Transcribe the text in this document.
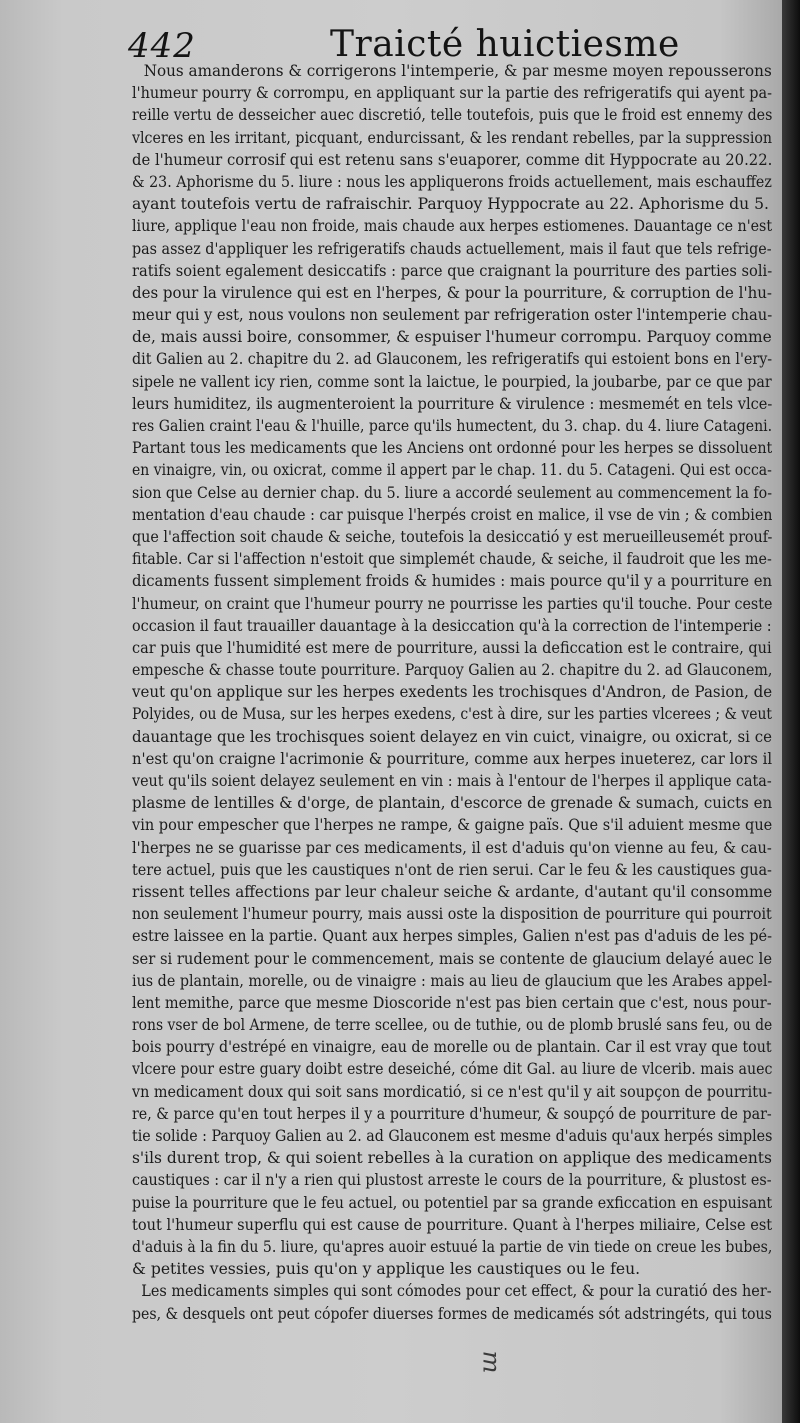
442	Traicté huictiesme
Nous amanderons & corrigerons l'intemperie, & par mesme moyen repousserons
l'humeur pourry & corrompu, en appliquant sur la partie des refrigeratifs qui ayent pa-
reille vertu de desseicher auec discretió, telle toutefois, puis que le froid est ennemy des
vlceres en les irritant, picquant, endurcissant, & les rendant rebelles, par la suppression
de l'humeur corrosif qui est retenu sans s'euaporer, comme dit Hyppocrate au 20.22.
& 23. Aphorisme du 5. liure : nous les appliquerons froids actuellement, mais eschauffez
ayant toutefois vertu de rafraischir. Parquoy Hyppocrate au 22. Aphorisme du 5.
liure, applique l'eau non froide, mais chaude aux herpes estiomenes. Dauantage ce n'est
pas assez d'appliquer les refrigeratifs chauds actuellement, mais il faut que tels refrige-
ratifs soient egalement desiccatifs : parce que craignant la pourriture des parties soli-
des pour la virulence qui est en l'herpes, & pour la pourriture, & corruption de l'hu-
meur qui y est, nous voulons non seulement par refrigeration oster l'intemperie chau-
de, mais aussi boire, consommer, & espuiser l'humeur corrompu. Parquoy comme
dit Galien au 2. chapitre du 2. ad Glauconem, les refrigeratifs qui estoient bons en l'ery-
sipele ne vallent icy rien, comme sont la laictue, le pourpied, la joubarbe, par ce que par
leurs humiditez, ils augmenteroient la pourriture & virulence : mesmemét en tels vlce-
res Galien craint l'eau & l'huille, parce qu'ils humectent, du 3. chap. du 4. liure Catageni.
Partant tous les medicaments que les Anciens ont ordonné pour les herpes se dissoluent
en vinaigre, vin, ou oxicrat, comme il appert par le chap. 11. du 5. Catageni. Qui est occa-
sion que Celse au dernier chap. du 5. liure a accordé seulement au commencement la fo-
mentation d'eau chaude : car puisque l'herpés croist en malice, il vse de vin ; & combien
que l'affection soit chaude & seiche, toutefois la desiccatió y est merueilleusemét prouf-
fitable. Car si l'affection n'estoit que simplemét chaude, & seiche, il faudroit que les me-
dicaments fussent simplement froids & humides : mais pource qu'il y a pourriture en
l'humeur, on craint que l'humeur pourry ne pourrisse les parties qu'il touche. Pour ceste
occasion il faut trauailler dauantage à la desiccation qu'à la correction de l'intemperie :
car puis que l'humidité est mere de pourriture, aussi la deficcation est le contraire, qui
empesche & chasse toute pourriture. Parquoy Galien au 2. chapitre du 2. ad Glauconem,
veut qu'on applique sur les herpes exedents les trochisques d'Andron, de Pasion, de
Polyides, ou de Musa, sur les herpes exedens, c'est à dire, sur les parties vlcerees ; & veut
dauantage que les trochisques soient delayez en vin cuict, vinaigre, ou oxicrat, si ce
n'est qu'on craigne l'acrimonie & pourriture, comme aux herpes inueterez, car lors il
veut qu'ils soient delayez seulement en vin : mais à l'entour de l'herpes il applique cata-
plasme de lentilles & d'orge, de plantain, d'escorce de grenade & sumach, cuicts en
vin pour empescher que l'herpes ne rampe, & gaigne païs. Que s'il aduient mesme que
l'herpes ne se guarisse par ces medicaments, il est d'aduis qu'on vienne au feu, & cau-
tere actuel, puis que les caustiques n'ont de rien serui. Car le feu & les caustiques gua-
rissent telles affections par leur chaleur seiche & ardante, d'autant qu'il consomme
non seulement l'humeur pourry, mais aussi oste la disposition de pourriture qui pourroit
estre laissee en la partie. Quant aux herpes simples, Galien n'est pas d'aduis de les pé-
ser si rudement pour le commencement, mais se contente de glaucium delayé auec le
ius de plantain, morelle, ou de vinaigre : mais au lieu de glaucium que les Arabes appel-
lent memithe, parce que mesme Dioscoride n'est pas bien certain que c'est, nous pour-
rons vser de bol Armene, de terre scellee, ou de tuthie, ou de plomb bruslé sans feu, ou de
bois pourry d'estrépé en vinaigre, eau de morelle ou de plantain. Car il est vray que tout
vlcere pour estre guary doibt estre deseiché, cóme dit Gal. au liure de vlcerib. mais auec
vn medicament doux qui soit sans mordicatió, si ce n'est qu'il y ait soupçon de pourritu-
re, & parce qu'en tout herpes il y a pourriture d'humeur, & soupçó de pourriture de par-
tie solide : Parquoy Galien au 2. ad Glauconem est mesme d'aduis qu'aux herpés simples
s'ils durent trop, & qui soient rebelles à la curation on applique des medicaments
caustiques : car il n'y a rien qui plustost arreste le cours de la pourriture, & plustost es-
puise la pourriture que le feu actuel, ou potentiel par sa grande exficcation en espuisant
tout l'humeur superflu qui est cause de pourriture. Quant à l'herpes miliaire, Celse est
d'aduis à la fin du 5. liure, qu'apres auoir estuué la partie de vin tiede on creue les bubes,
& petites vessies, puis qu'on y applique les caustiques ou le feu.
Les medicaments simples qui sont cómodes pour cet effect, & pour la curatió des her-
pes, & desquels ont peut cópofer diuerses formes de medicamés sót adstringéts, qui tous
m
